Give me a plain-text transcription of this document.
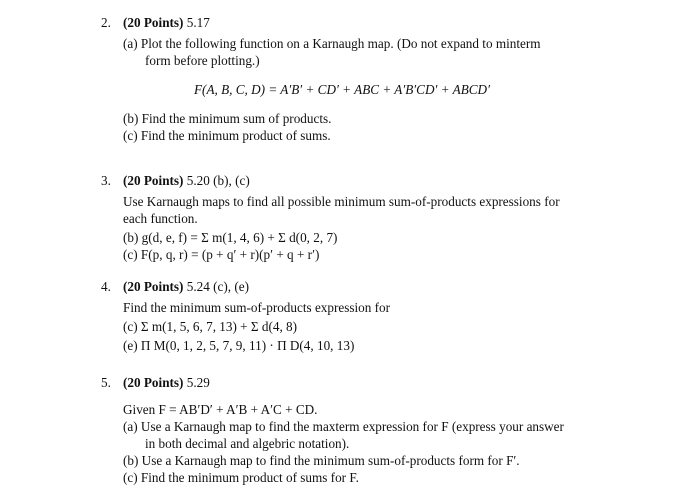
2. (20 Points)
5.17
(a) Plot the following function on a Karnaugh map. (Do not expand to minterm
form before plotting.)
F(A, B, C, D) = A′B′ + CD′ + ABC + A′B′CD′ + ABCD′
(b) Find the minimum sum of products.
(c) Find the minimum product of sums.
3. (20 Points)
5.20 (b), (c)
Use Karnaugh maps to find all possible minimum sum-of-products expressions for
each function.
(b) g(d, e, f) = Σ m(1, 4, 6) + Σ d(0, 2, 7)
(c) F(p, q, r) = (p + q′ + r)(p′ + q + r′)
4. (20 Points)
5.24 (c), (e)
Find the minimum sum-of-products expression for
(c) Σ m(1, 5, 6, 7, 13) + Σ d(4, 8)
(e) Π M(0, 1, 2, 5, 7, 9, 11) · Π D(4, 10, 13)
5. (20 Points)
5.29
Given F = AB′D′ + A′B + A′C + CD.
(a) Use a Karnaugh map to find the maxterm expression for F (express your answer
in both decimal and algebric notation).
(b) Use a Karnaugh map to find the minimum sum-of-products form for F′.
(c) Find the minimum product of sums for F.
